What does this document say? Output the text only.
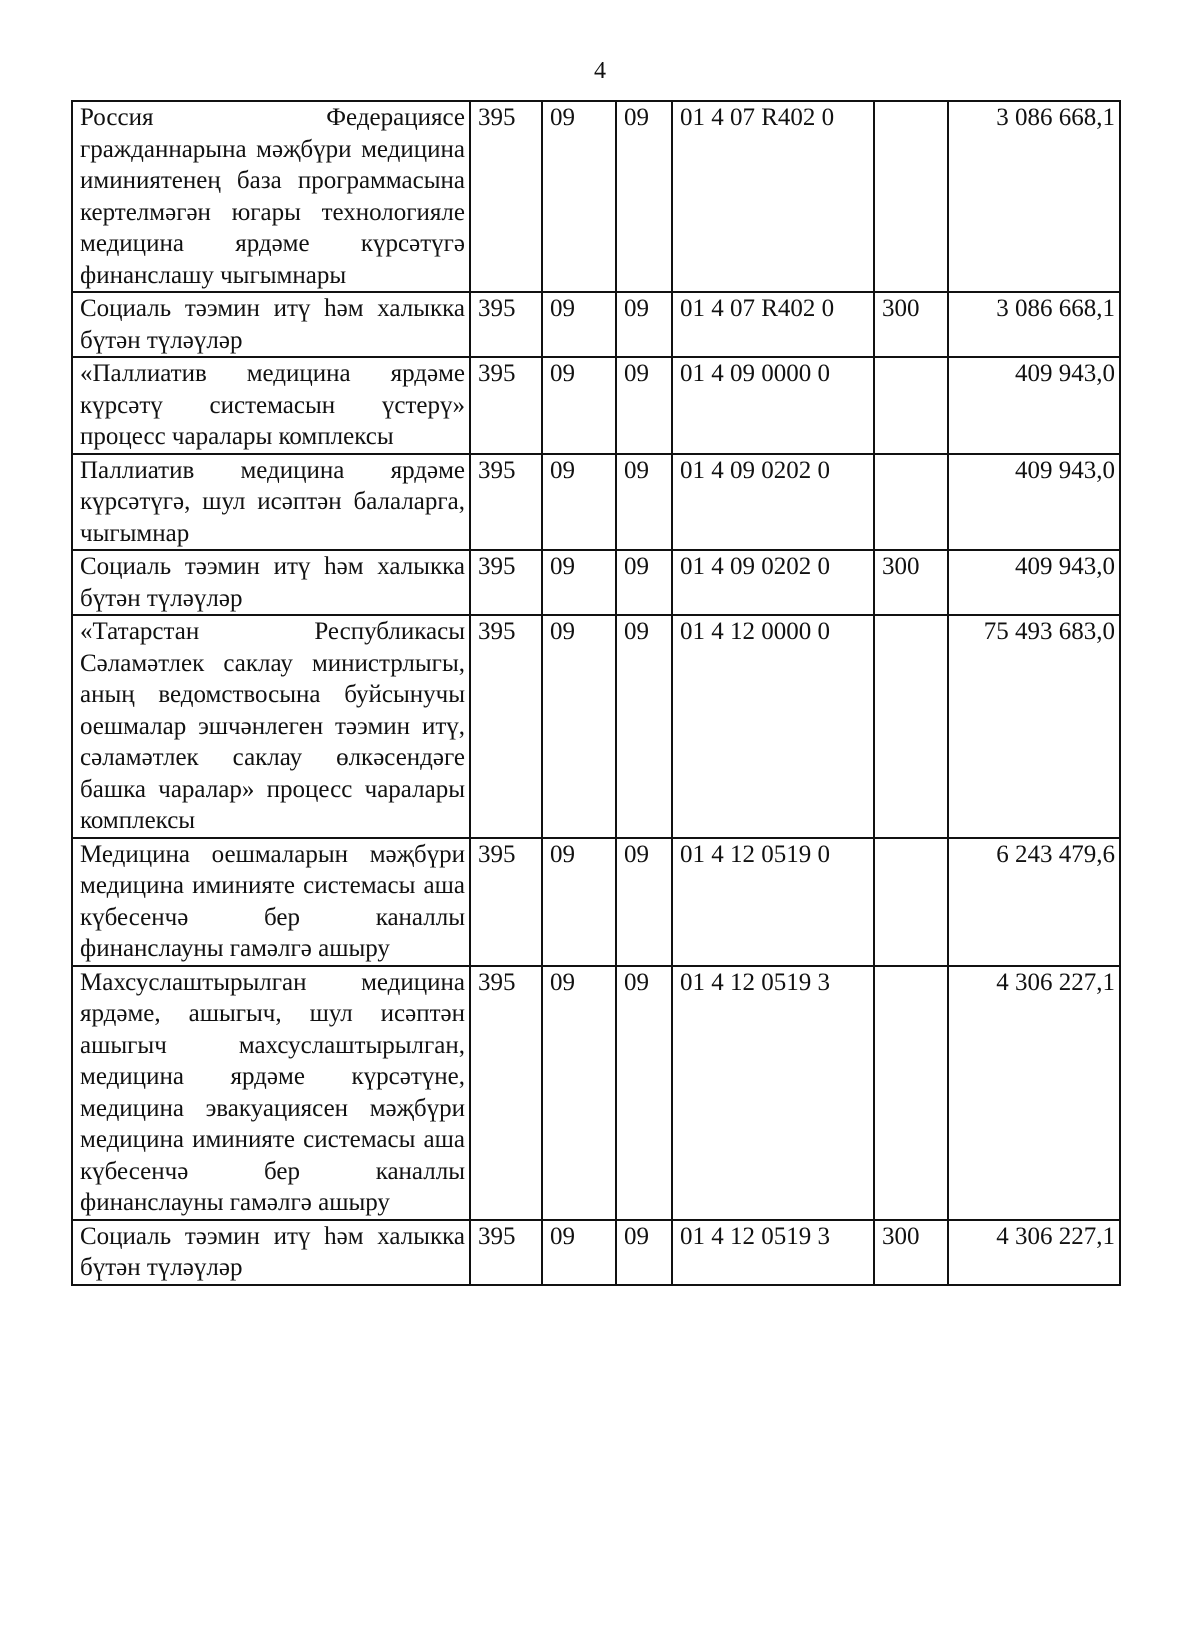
4
Россия Федерациясе гражданнарына мәҗбүри медицина иминиятенең база программасына кертелмәгән югары технологияле медицина ярдәме күрсәтүгә финанслашу чыгымнары	395	09	09	01 4 07 R402 0		3 086 668,1
Социаль тәэмин итү һәм халыкка бүтән түләүләр	395	09	09	01 4 07 R402 0	300	3 086 668,1
«Паллиатив медицина ярдәме күрсәтү системасын үстерү» процесс чаралары комплексы	395	09	09	01 4 09 0000 0		409 943,0
Паллиатив медицина ярдәме күрсәтүгә, шул исәптән балаларга, чыгымнар	395	09	09	01 4 09 0202 0		409 943,0
Социаль тәэмин итү һәм халыкка бүтән түләүләр	395	09	09	01 4 09 0202 0	300	409 943,0
«Татарстан Республикасы Сәламәтлек саклау министрлыгы, аның ведомствосына буйсынучы оешмалар эшчәнлеген тәэмин итү, сәламәтлек саклау өлкәсендәге башка чаралар» процесс чаралары комплексы	395	09	09	01 4 12 0000 0		75 493 683,0
Медицина оешмаларын мәҗбүри медицина иминияте системасы аша күбесенчә бер каналлы финанслауны гамәлгә ашыру	395	09	09	01 4 12 0519 0		6 243 479,6
Махсуслаштырылган медицина ярдәме, ашыгыч, шул исәптән ашыгыч махсуслаштырылган, медицина ярдәме күрсәтүне, медицина эвакуациясен мәҗбүри медицина иминияте системасы аша күбесенчә бер каналлы финанслауны гамәлгә ашыру	395	09	09	01 4 12 0519 3		4 306 227,1
Социаль тәэмин итү һәм халыкка бүтән түләүләр	395	09	09	01 4 12 0519 3	300	4 306 227,1
